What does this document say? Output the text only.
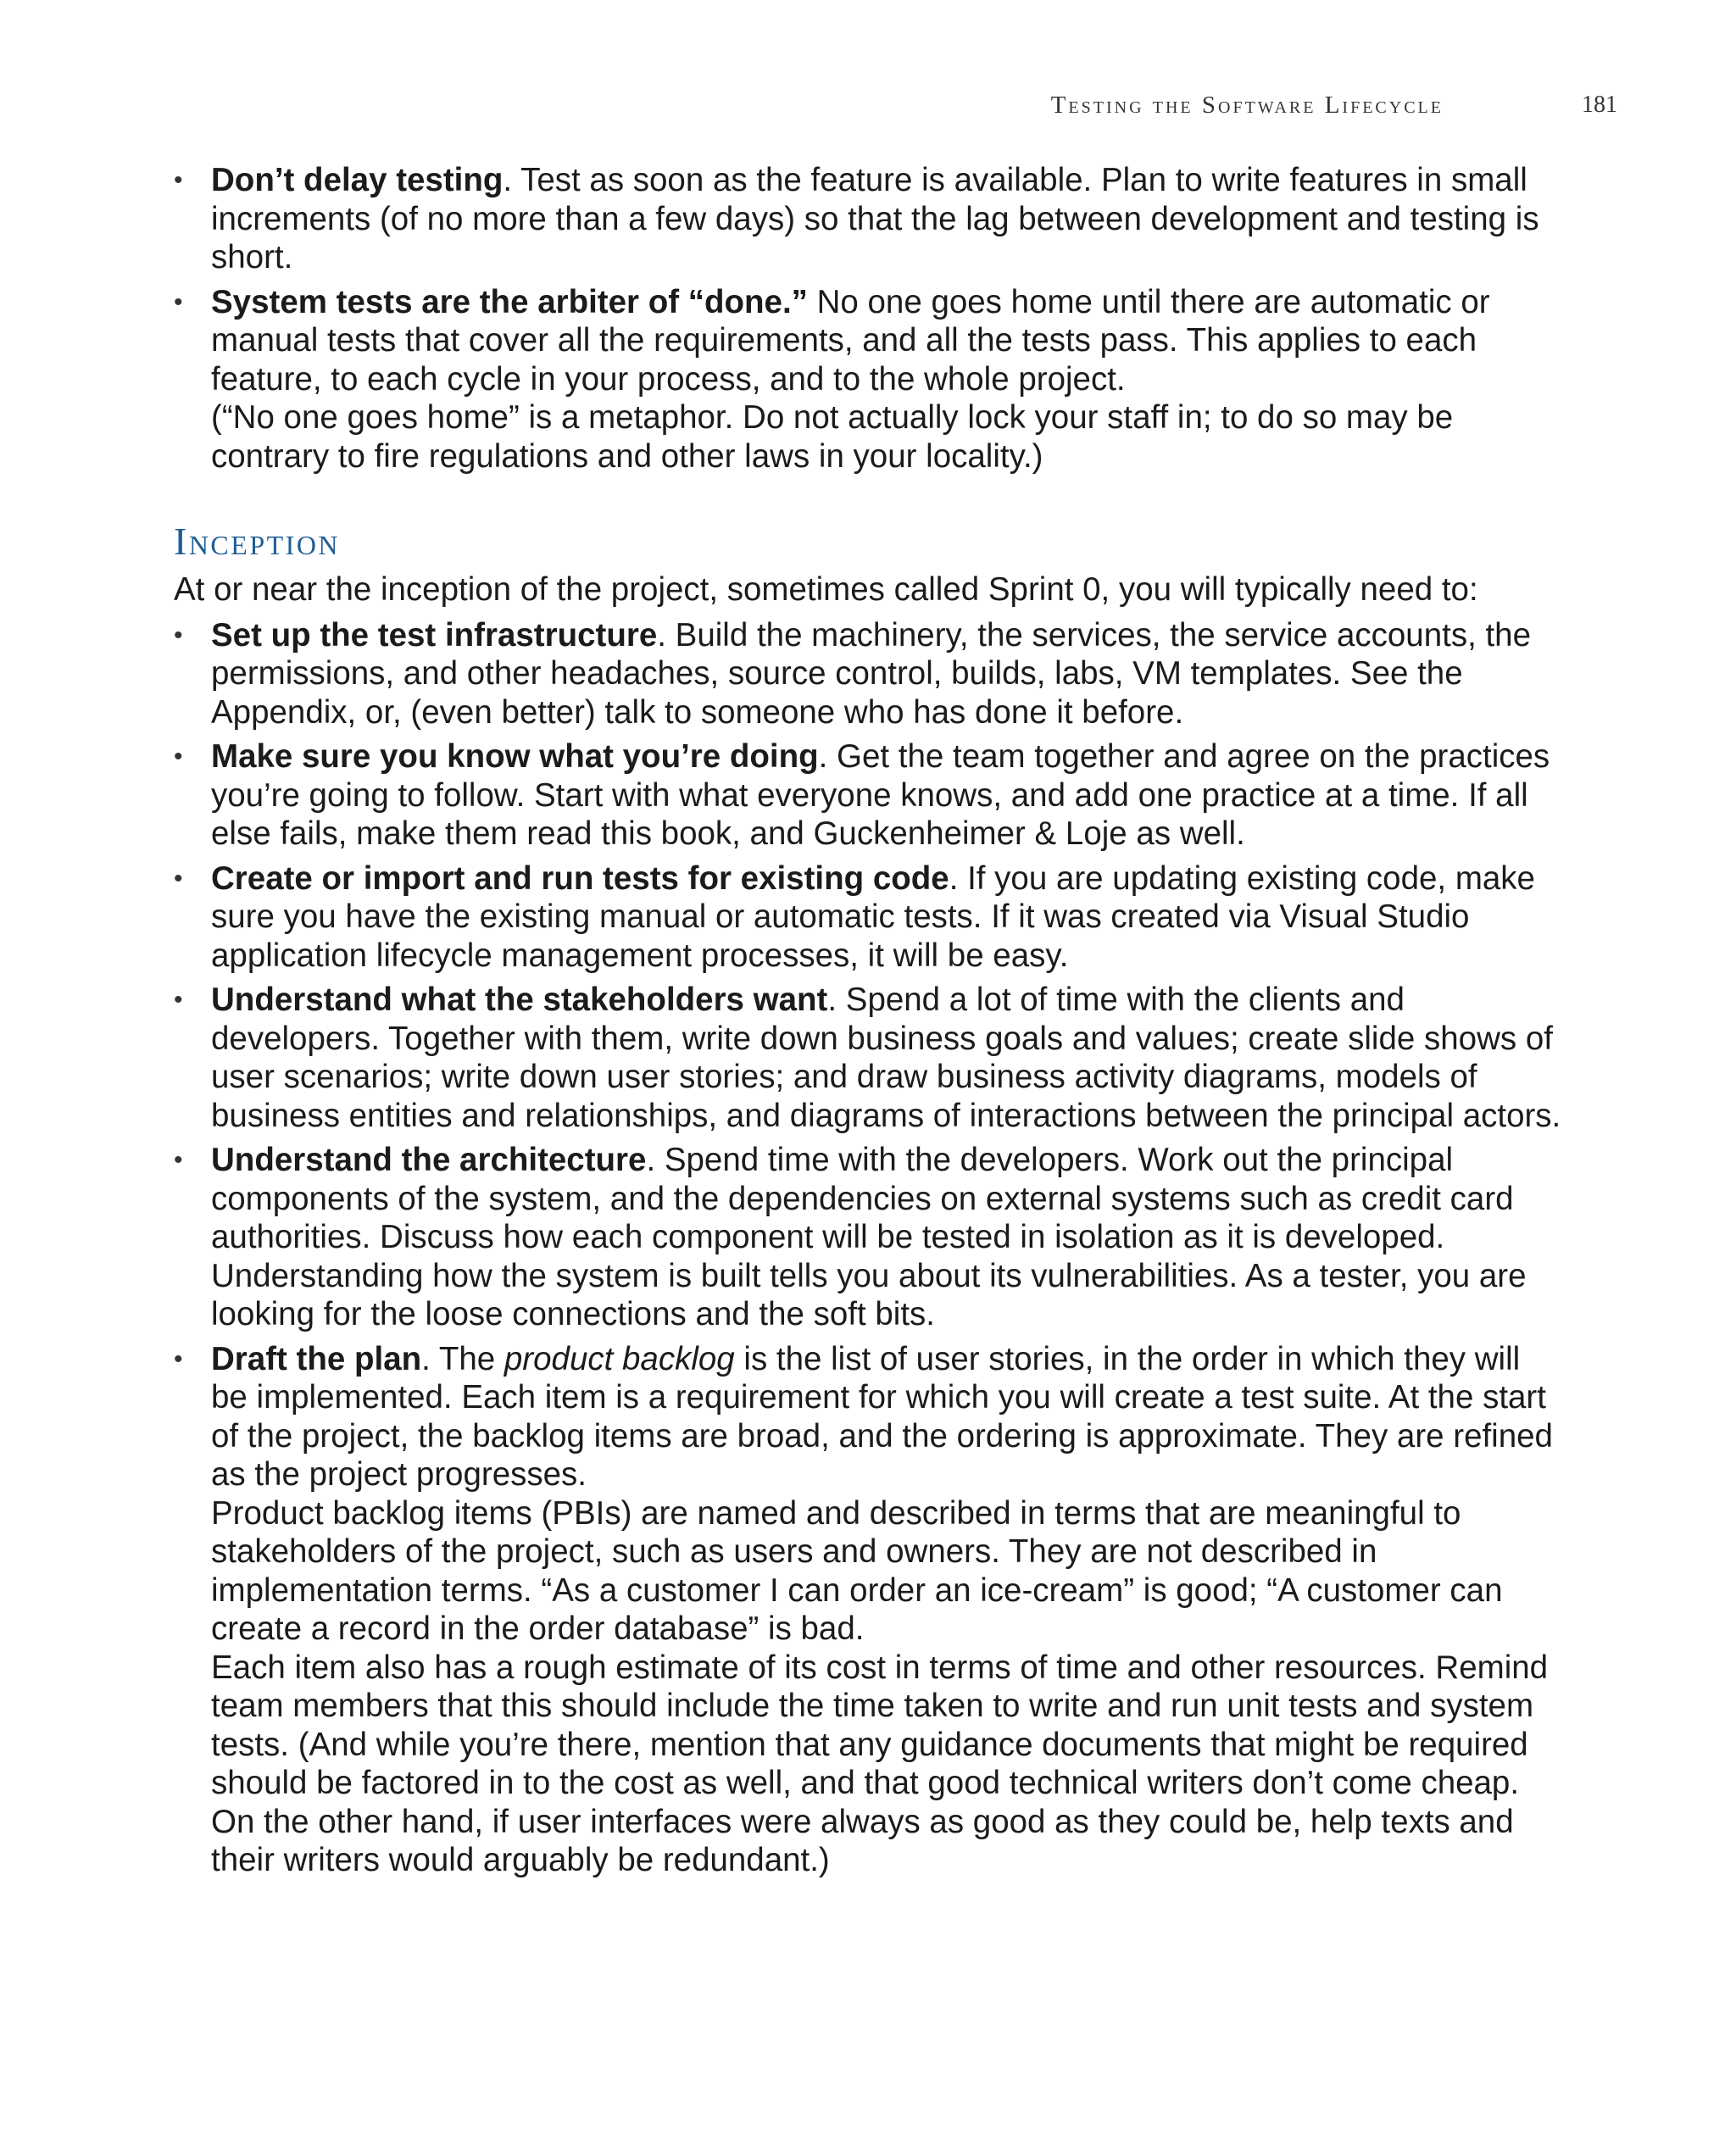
Testing the Software Lifecycle	181
• Don’t delay testing. Test as soon as the feature is available. Plan to write features in small increments (of no more than a few days) so that the lag between development and testing is short.
• System tests are the arbiter of “done.” No one goes home until there are automatic or manual tests that cover all the requirements, and all the tests pass. This applies to each feature, to each cycle in your process, and to the whole project.
(“No one goes home” is a metaphor. Do not actually lock your staff in; to do so may be contrary to fire regulations and other laws in your locality.)
Inception

At or near the inception of the project, sometimes called Sprint 0, you will typically need to:

• Set up the test infrastructure. Build the machinery, the services, the service accounts, the permissions, and other headaches, source control, builds, labs, VM templates. See the Appendix, or, (even better) talk to someone who has done it before.
• Make sure you know what you’re doing. Get the team together and agree on the practices you’re going to follow. Start with what everyone knows, and add one practice at a time. If all else fails, make them read this book, and Guckenheimer & Loje as well.
• Create or import and run tests for existing code. If you are updating existing code, make sure you have the existing manual or automatic tests. If it was created via Visual Studio application lifecycle management processes, it will be easy.
• Understand what the stakeholders want. Spend a lot of time with the clients and developers. Together with them, write down business goals and values; create slide shows of user scenarios; write down user stories; and draw business activity diagrams, models of business entities and relationships, and diagrams of interactions between the principal actors.
• Understand the architecture. Spend time with the developers. Work out the principal components of the system, and the dependencies on external systems such as credit card authorities. Discuss how each component will be tested in isolation as it is developed. Understanding how the system is built tells you about its vulnerabilities. As a tester, you are looking for the loose connections and the soft bits.
• Draft the plan. The product backlog is the list of user stories, in the order in which they will be implemented. Each item is a requirement for which you will create a test suite. At the start of the project, the backlog items are broad, and the ordering is approximate. They are refined as the project progresses.
Product backlog items (PBIs) are named and described in terms that are meaningful to stakeholders of the project, such as users and owners. They are not described in implementation terms. “As a customer I can order an ice-cream” is good; “A customer can create a record in the order database” is bad.
Each item also has a rough estimate of its cost in terms of time and other resources. Remind team members that this should include the time taken to write and run unit tests and system tests. (And while you’re there, mention that any guidance documents that might be required should be factored in to the cost as well, and that good technical writers don’t come cheap. On the other hand, if user interfaces were always as good as they could be, help texts and their writers would arguably be redundant.)
